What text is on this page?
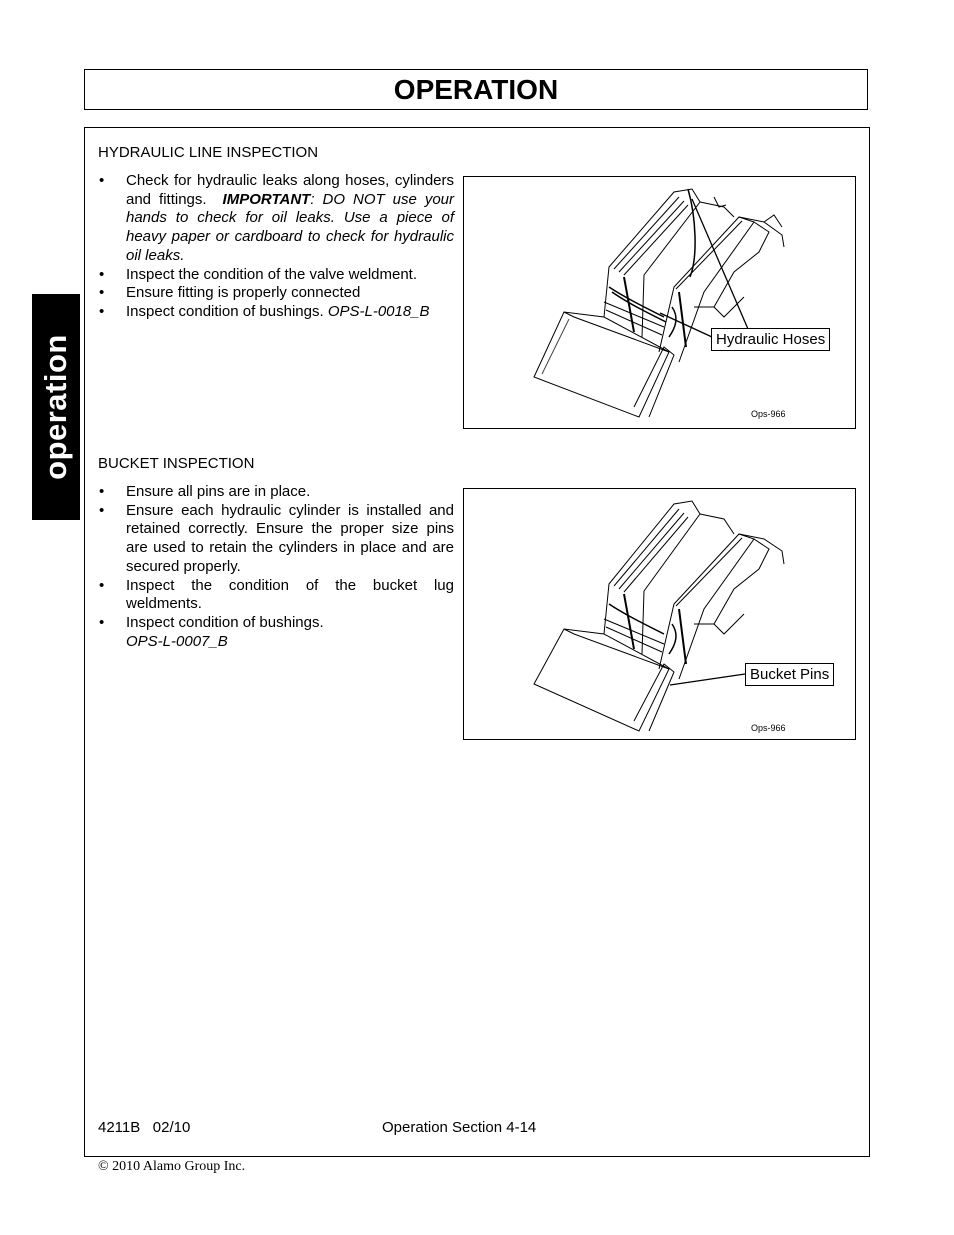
OPERATION
operation
HYDRAULIC LINE INSPECTION
• Check for hydraulic leaks along hoses, cylinders and fittings. IMPORTANT: DO NOT use your hands to check for oil leaks. Use a piece of heavy paper or cardboard to check for hydraulic oil leaks.
• Inspect the condition of the valve weldment.
• Ensure fitting is properly connected
• Inspect condition of bushings. OPS-L-0018_B
Hydraulic Hoses
Ops-966
BUCKET INSPECTION
• Ensure all pins are in place.
• Ensure each hydraulic cylinder is installed and retained correctly. Ensure the proper size pins are used to retain the cylinders in place and are secured properly.
• Inspect the condition of the bucket lug weldments.
• Inspect condition of bushings.
OPS-L-0007_B
Bucket Pins
Ops-966
4211B   02/10	Operation Section 4-14
© 2010 Alamo Group Inc.
